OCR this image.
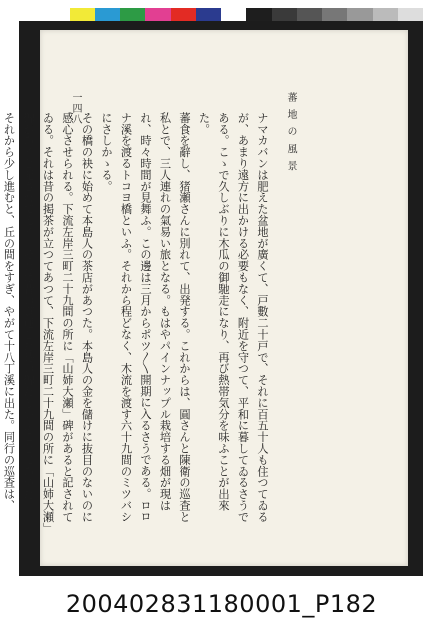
蕃 地 の 風 景
一四八

ナマカバンは肥えた盆地が廣くて、戸數二十戸で、それに百五十人も住つてゐるが、あまり遠方に出かける必要もなく、附近を守つて、平和に暮してゐるさうである。こゝで久しぶりに木瓜の御馳走になり、再び熱帯気分を味ふことが出來た。

蕃食を辭し、猪瀬さんに別れて、出発する。これからは、圓さんと陳衛の巡査と私とで、三人連れの氣易い旅となる。もはやパインナップル栽培する畑が現はれ、時々時間が見舞ふ。この邊は三月からポツ〳〵開期に入るさうである。ロロナ溪を渡るトコヨ橋といふ。それから程どなく、木流を渡す六十九間のミツバシにさしかゝる。

その橋の袂に始めて本島人の茶店があつた。本島人の金を儲けに抜目のないのに感心させられる。下流左岸三町二十九間の所に「山姉大瀬」碑があると記されてゐる。それは昔の掲茶が立つてあつて、下流左岸三町二十九間の所に「山姉大瀬」碑があると記されてゐる。それは昔の貫通した時の碑だといふことであつた。

それから少し進むと、丘の間をすぎ、やがて十八丁溪に出た。同行の巡査は、

200402831180001_P182
